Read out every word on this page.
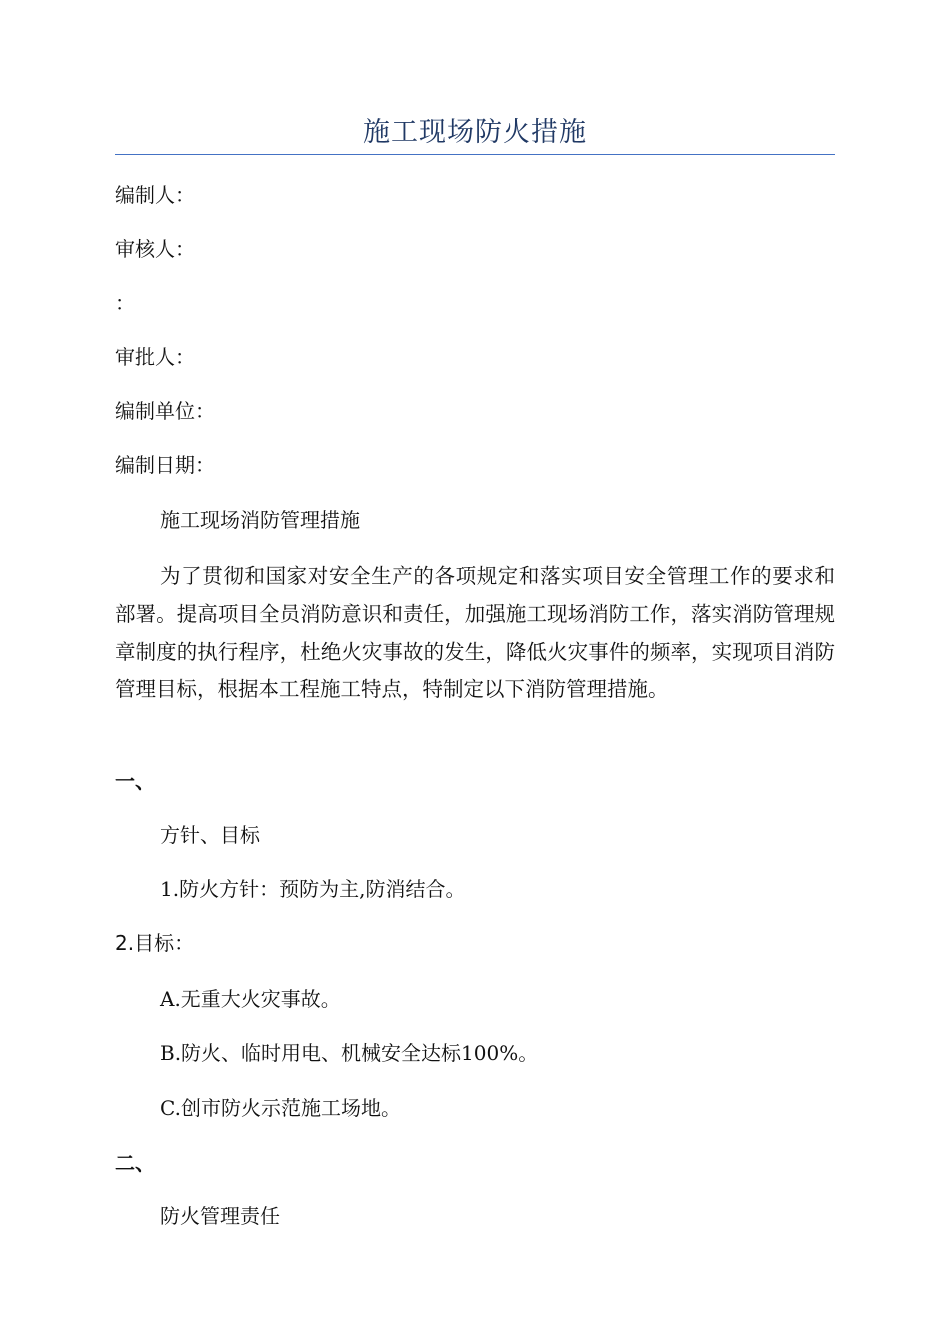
施工现场防火措施
编制人：
审核人：
：
审批人：
编制单位：
编制日期：
施工现场消防管理措施
为了贯彻和国家对安全生产的各项规定和落实项目安全管理工作的要求和部署。提高项目全员消防意识和责任，加强施工现场消防工作，落实消防管理规章制度的执行程序，杜绝火灾事故的发生，降低火灾事件的频率，实现项目消防管理目标，根据本工程施工特点，特制定以下消防管理措施。
一、
方针、目标
1.防火方针：预防为主,防消结合。
2.目标：
A.无重大火灾事故。
B.防火、临时用电、机械安全达标100%。
C.创市防火示范施工场地。
二、
防火管理责任
